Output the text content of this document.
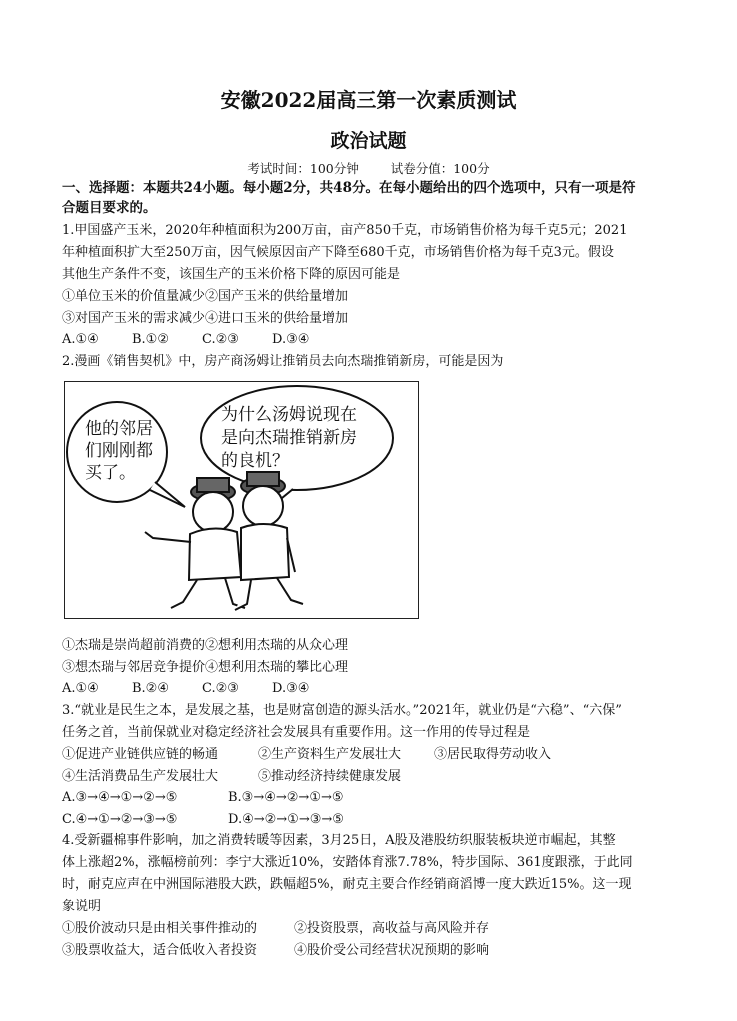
安徽2022届高三第一次素质测试
政治试题
考试时间：100分钟	试卷分值：100分
一、选择题：本题共24小题。每小题2分，共48分。在每小题给出的四个选项中，只有一项是符
合题目要求的。
1.甲国盛产玉米，2020年种植面积为200万亩，亩产850千克，市场销售价格为每千克5元；2021
年种植面积扩大至250万亩，因气候原因亩产下降至680千克，市场销售价格为每千克3元。假设
其他生产条件不变，该国生产的玉米价格下降的原因可能是
①单位玉米的价值量减少②国产玉米的供给量增加
③对国产玉米的需求减少④进口玉米的供给量增加
A.①④	B.①②	C.②③	D.③④
2.漫画《销售契机》中，房产商汤姆让推销员去向杰瑞推销新房，可能是因为
他的邻居
们刚刚都
买了。
为什么汤姆说现在
是向杰瑞推销新房
的良机？
①杰瑞是崇尚超前消费的②想利用杰瑞的从众心理
③想杰瑞与邻居竞争提价④想利用杰瑞的攀比心理
A.①④	B.②④	C.②③	D.③④
3.“就业是民生之本，是发展之基，也是财富创造的源头活水。”2021年，就业仍是“六稳”、“六保”
任务之首，当前保就业对稳定经济社会发展具有重要作用。这一作用的传导过程是
①促进产业链供应链的畅通	②生产资料生产发展壮大	③居民取得劳动收入
④生活消费品生产发展壮大	⑤推动经济持续健康发展
A.③→④→①→②→⑤	B.③→④→②→①→⑤
C.④→①→②→③→⑤	D.④→②→①→③→⑤
4.受新疆棉事件影响，加之消费转暖等因素，3月25日，A股及港股纺织服装板块逆市崛起，其整
体上涨超2%，涨幅榜前列：李宁大涨近10%，安踏体育涨7.78%，特步国际、361度跟涨，于此同
时，耐克应声在中洲国际港股大跌，跌幅超5%，耐克主要合作经销商滔博一度大跌近15%。这一现
象说明
①股价波动只是由相关事件推动的	②投资股票，高收益与高风险并存
③股票收益大，适合低收入者投资	④股价受公司经营状况预期的影响
